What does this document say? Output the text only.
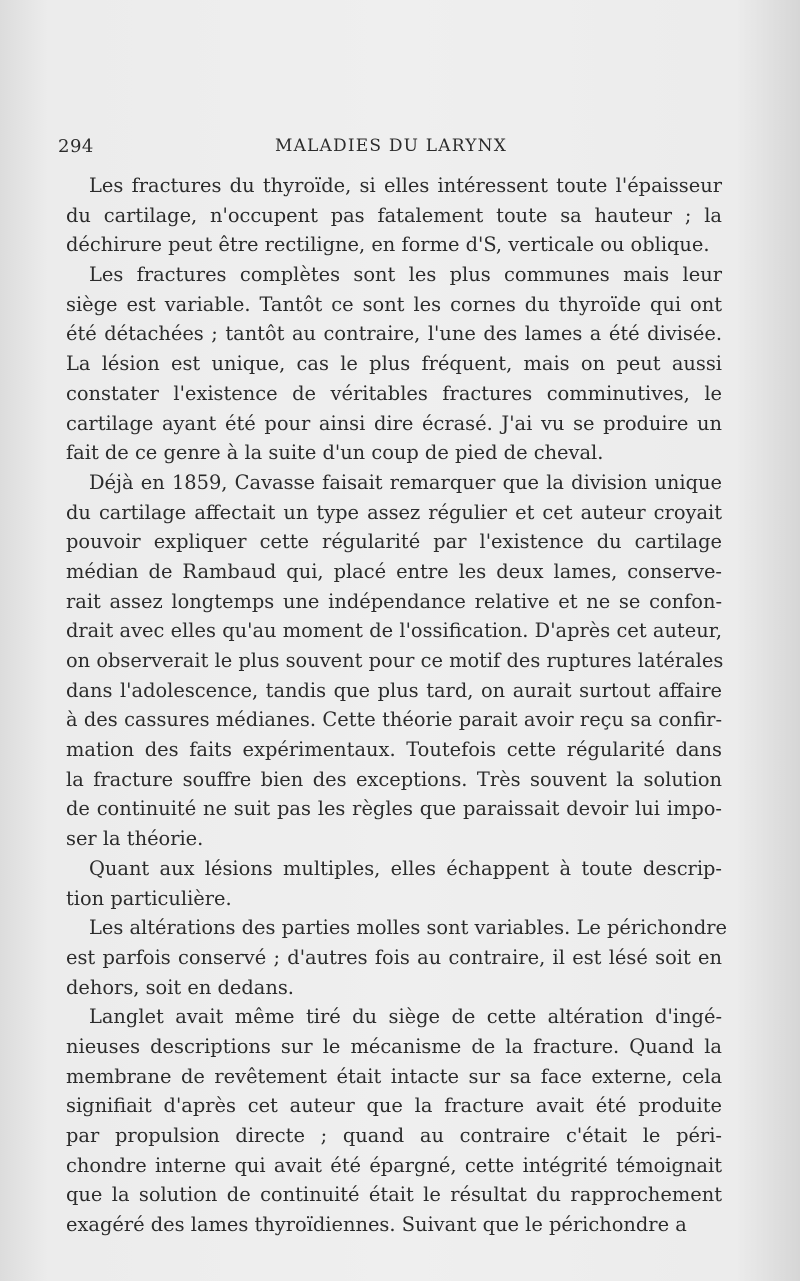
294	MALADIES DU LARYNX
Les fractures du thyroïde, si elles intéressent toute l'épaisseur
du cartilage, n'occupent pas fatalement toute sa hauteur ; la
déchirure peut être rectiligne, en forme d'S, verticale ou oblique.
Les fractures complètes sont les plus communes mais leur
siège est variable. Tantôt ce sont les cornes du thyroïde qui ont
été détachées ; tantôt au contraire, l'une des lames a été divisée.
La lésion est unique, cas le plus fréquent, mais on peut aussi
constater l'existence de véritables fractures comminutives, le
cartilage ayant été pour ainsi dire écrasé. J'ai vu se produire un
fait de ce genre à la suite d'un coup de pied de cheval.
Déjà en 1859, Cavasse faisait remarquer que la division unique
du cartilage affectait un type assez régulier et cet auteur croyait
pouvoir expliquer cette régularité par l'existence du cartilage
médian de Rambaud qui, placé entre les deux lames, conserve-
rait assez longtemps une indépendance relative et ne se confon-
drait avec elles qu'au moment de l'ossification. D'après cet auteur,
on observerait le plus souvent pour ce motif des ruptures latérales
dans l'adolescence, tandis que plus tard, on aurait surtout affaire
à des cassures médianes. Cette théorie parait avoir reçu sa confir-
mation des faits expérimentaux. Toutefois cette régularité dans
la fracture souffre bien des exceptions. Très souvent la solution
de continuité ne suit pas les règles que paraissait devoir lui impo-
ser la théorie.
Quant aux lésions multiples, elles échappent à toute descrip-
tion particulière.
Les altérations des parties molles sont variables. Le périchondre
est parfois conservé ; d'autres fois au contraire, il est lésé soit en
dehors, soit en dedans.
Langlet avait même tiré du siège de cette altération d'ingé-
nieuses descriptions sur le mécanisme de la fracture. Quand la
membrane de revêtement était intacte sur sa face externe, cela
signifiait d'après cet auteur que la fracture avait été produite
par propulsion directe ; quand au contraire c'était le péri-
chondre interne qui avait été épargné, cette intégrité témoignait
que la solution de continuité était le résultat du rapprochement
exagéré des lames thyroïdiennes. Suivant que le périchondre a
